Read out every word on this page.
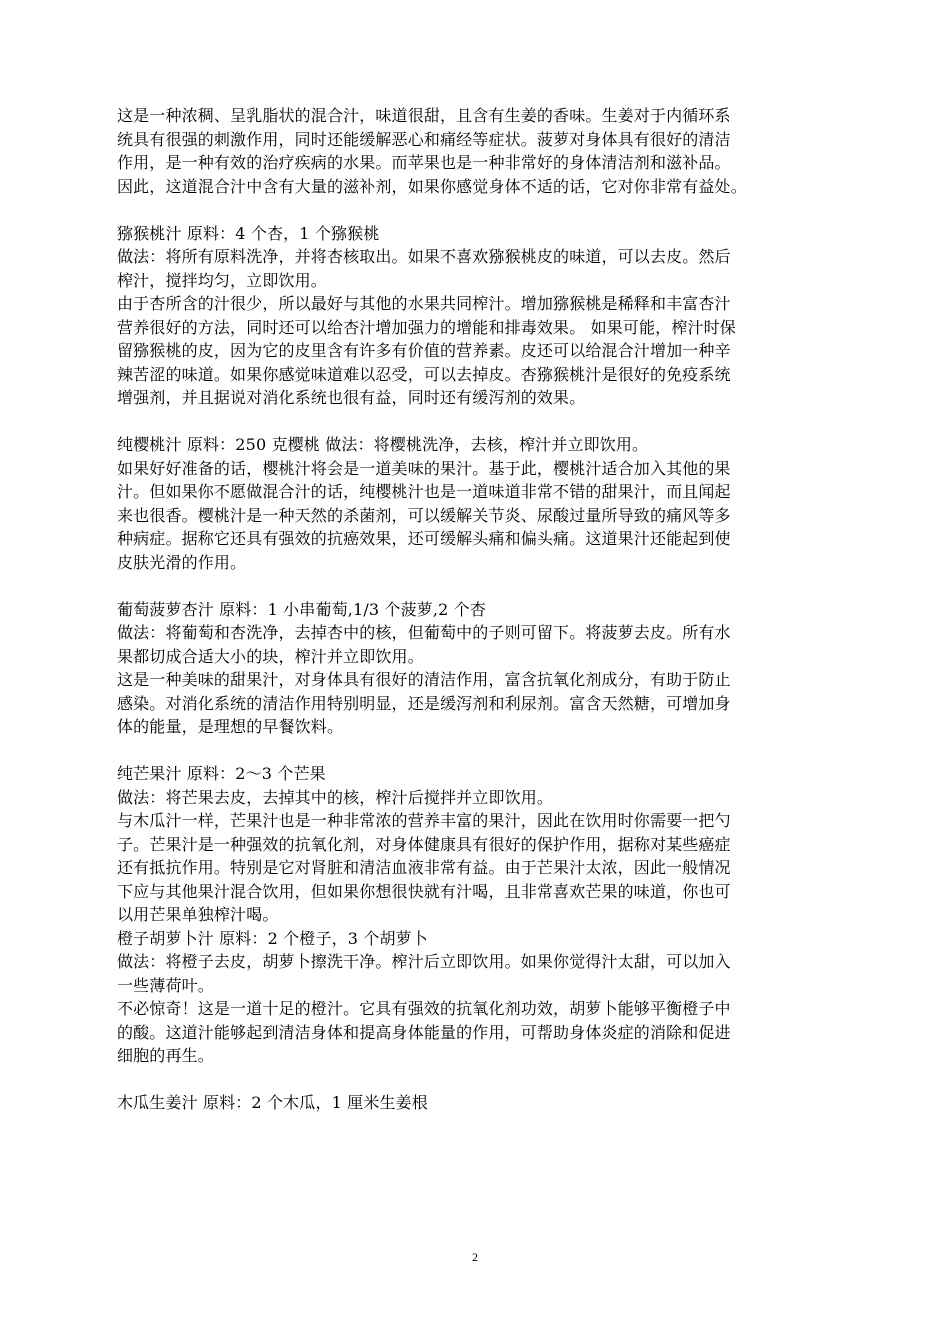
这是一种浓稠、呈乳脂状的混合汁，味道很甜，且含有生姜的香味。生姜对于内循环系
统具有很强的刺激作用，同时还能缓解恶心和痛经等症状。菠萝对身体具有很好的清洁
作用，是一种有效的治疗疾病的水果。而苹果也是一种非常好的身体清洁剂和滋补品。
因此，这道混合汁中含有大量的滋补剂，如果你感觉身体不适的话，它对你非常有益处。
猕猴桃汁 原料：4 个杏，1 个猕猴桃
做法：将所有原料洗净，并将杏核取出。如果不喜欢猕猴桃皮的味道，可以去皮。然后
榨汁，搅拌均匀，立即饮用。
由于杏所含的汁很少，所以最好与其他的水果共同榨汁。增加猕猴桃是稀释和丰富杏汁
营养很好的方法，同时还可以给杏汁增加强力的增能和排毒效果。 如果可能，榨汁时保
留猕猴桃的皮，因为它的皮里含有许多有价值的营养素。皮还可以给混合汁增加一种辛
辣苦涩的味道。如果你感觉味道难以忍受，可以去掉皮。杏猕猴桃汁是很好的免疫系统
增强剂，并且据说对消化系统也很有益，同时还有缓泻剂的效果。
纯樱桃汁 原料：250 克樱桃 做法：将樱桃洗净，去核，榨汁并立即饮用。
如果好好准备的话，樱桃汁将会是一道美味的果汁。基于此，樱桃汁适合加入其他的果
汁。但如果你不愿做混合汁的话，纯樱桃汁也是一道味道非常不错的甜果汁，而且闻起
来也很香。樱桃汁是一种天然的杀菌剂，可以缓解关节炎、尿酸过量所导致的痛风等多
种病症。据称它还具有强效的抗癌效果，还可缓解头痛和偏头痛。这道果汁还能起到使
皮肤光滑的作用。
葡萄菠萝杏汁 原料：1 小串葡萄,1/3 个菠萝,2 个杏
做法：将葡萄和杏洗净，去掉杏中的核，但葡萄中的子则可留下。将菠萝去皮。所有水
果都切成合适大小的块，榨汁并立即饮用。
这是一种美味的甜果汁，对身体具有很好的清洁作用，富含抗氧化剂成分，有助于防止
感染。对消化系统的清洁作用特别明显，还是缓泻剂和利尿剂。富含天然糖，可增加身
体的能量，是理想的早餐饮料。
纯芒果汁 原料：2～3 个芒果
做法：将芒果去皮，去掉其中的核，榨汁后搅拌并立即饮用。
与木瓜汁一样，芒果汁也是一种非常浓的营养丰富的果汁，因此在饮用时你需要一把勺
子。芒果汁是一种强效的抗氧化剂，对身体健康具有很好的保护作用，据称对某些癌症
还有抵抗作用。特别是它对肾脏和清洁血液非常有益。由于芒果汁太浓，因此一般情况
下应与其他果汁混合饮用，但如果你想很快就有汁喝，且非常喜欢芒果的味道，你也可
以用芒果单独榨汁喝。
橙子胡萝卜汁 原料：2 个橙子，3 个胡萝卜
做法：将橙子去皮，胡萝卜擦洗干净。榨汁后立即饮用。如果你觉得汁太甜，可以加入
一些薄荷叶。
不必惊奇！这是一道十足的橙汁。它具有强效的抗氧化剂功效，胡萝卜能够平衡橙子中
的酸。这道汁能够起到清洁身体和提高身体能量的作用，可帮助身体炎症的消除和促进
细胞的再生。
木瓜生姜汁 原料：2 个木瓜，1 厘米生姜根
2
